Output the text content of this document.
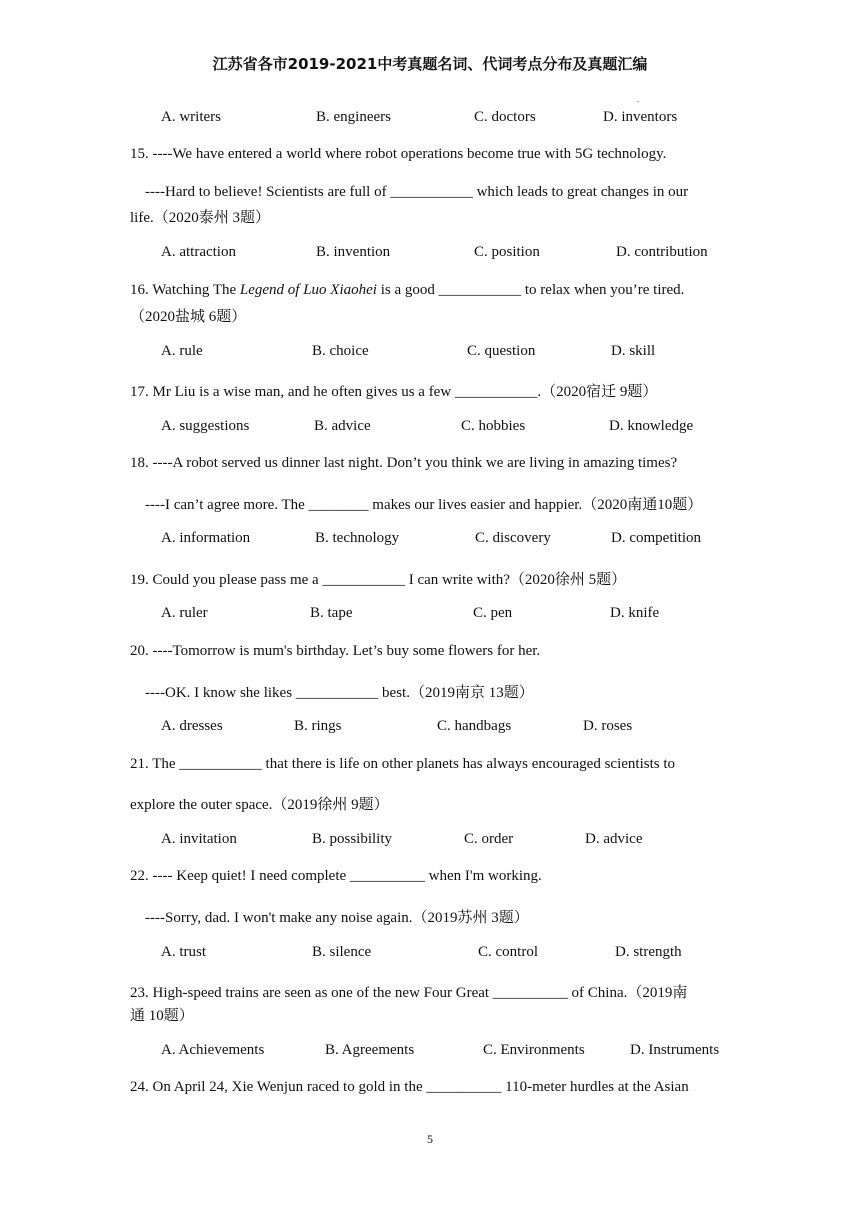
江苏省各市2019-2021中考真题名词、代词考点分布及真题汇编
.
A. writers	B. engineers	C. doctors	D. inventors
15. ----We have entered a world where robot operations become true with 5G technology.
----Hard to believe! Scientists are full of ___________ which leads to great changes in our
life.（2020泰州 3题）
A. attraction	B. invention	C. position	D. contribution
16. Watching The Legend of Luo Xiaohei is a good ___________ to relax when you’re tired.
（2020盐城 6题）
A. rule	B. choice	C. question	D. skill
17. Mr Liu is a wise man, and he often gives us a few ___________.（2020宿迁 9题）
A. suggestions	B. advice	C. hobbies	D. knowledge
18. ----A robot served us dinner last night. Don’t you think we are living in amazing times?
----I can’t agree more. The ________ makes our lives easier and happier.（2020南通10题）
A. information	B. technology	C. discovery	D. competition
19. Could you please pass me a ___________ I can write with?（2020徐州 5题）
A. ruler	B. tape	C. pen	D. knife
20. ----Tomorrow is mum's birthday. Let’s buy some flowers for her.
----OK. I know she likes ___________ best.（2019南京 13题）
A. dresses	B. rings	C. handbags	D. roses
21. The ___________ that there is life on other planets has always encouraged scientists to
explore the outer space.（2019徐州 9题）
A. invitation	B. possibility	C. order	D. advice
22. ---- Keep quiet! I need complete __________ when I'm working.
----Sorry, dad. I won't make any noise again.（2019苏州 3题）
A. trust	B. silence	C. control	D. strength
23. High-speed trains are seen as one of the new Four Great __________ of China.（2019南
通 10题）
A. Achievements	B. Agreements	C. Environments	D. Instruments
24. On April 24, Xie Wenjun raced to gold in the __________ 110-meter hurdles at the Asian
5
